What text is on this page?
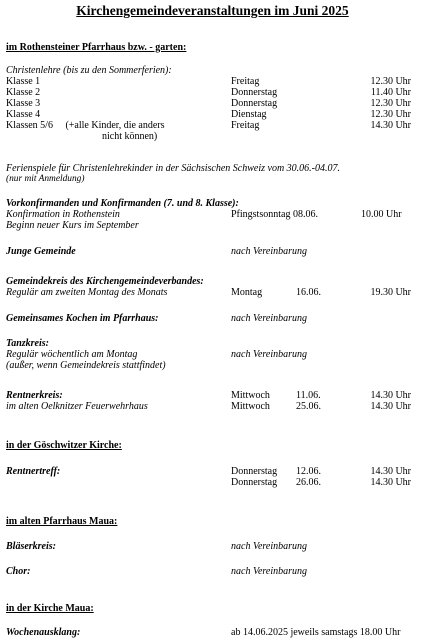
Kirchengemeindeveranstaltungen im Juni 2025
im Rothensteiner Pfarrhaus bzw. - garten:
Christenlehre (bis zu den Sommerferien):
Klasse 1	Freitag	12.30 Uhr
Klasse 2	Donnerstag	11.40 Uhr
Klasse 3	Donnerstag	12.30 Uhr
Klasse 4	Dienstag	12.30 Uhr
Klassen 5/6     (+alle Kinder, die anders	Freitag	14.30 Uhr
nicht können)
Ferienspiele für Christenlehrekinder in der Sächsischen Schweiz vom 30.06.-04.07.
(nur mit Anmeldung)
Vorkonfirmanden und Konfirmanden (7. und 8. Klasse):
Konfirmation in Rothenstein	Pfingstsonntag 08.06.	10.00 Uhr
Beginn neuer Kurs im September
Junge Gemeinde	nach Vereinbarung
Gemeindekreis des Kirchengemeindeverbandes:
Regulär am zweiten Montag des Monats	Montag	16.06.	19.30 Uhr
Gemeinsames Kochen im Pfarrhaus:	nach Vereinbarung
Tanzkreis:
Regulär wöchentlich am Montag	nach Vereinbarung
(außer, wenn Gemeindekreis stattfindet)
Rentnerkreis:	Mittwoch	11.06.	14.30 Uhr
im alten Oelknitzer Feuerwehrhaus	Mittwoch	25.06.	14.30 Uhr
in der Göschwitzer Kirche:
Rentnertreff:	Donnerstag 12.06.	14.30 Uhr
Donnerstag 26.06.	14.30 Uhr
im alten Pfarrhaus Maua:
Bläserkreis:	nach Vereinbarung
Chor:	nach Vereinbarung
in der Kirche Maua:
Wochenausklang:	ab 14.06.2025 jeweils samstags 18.00 Uhr
